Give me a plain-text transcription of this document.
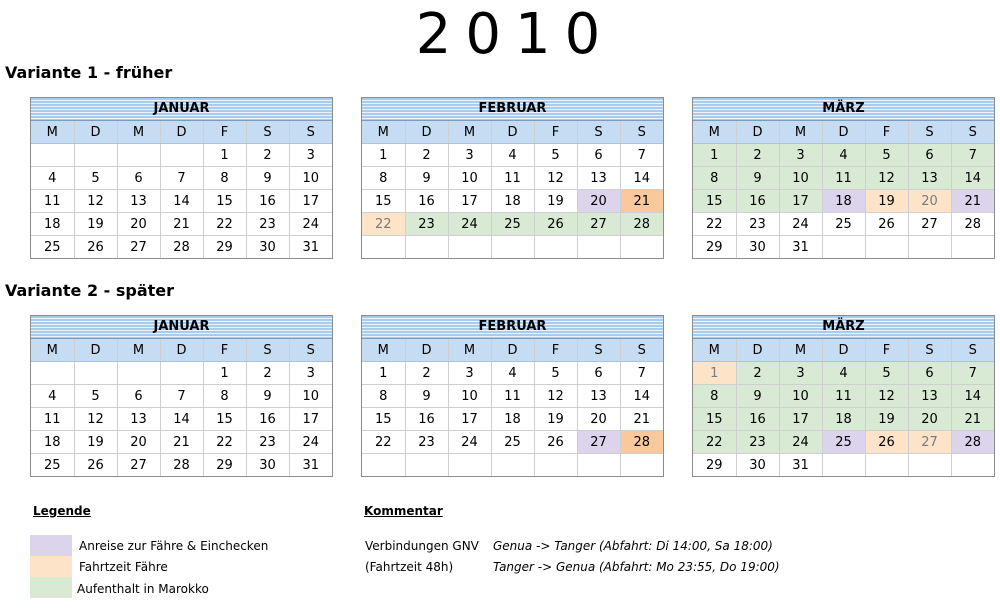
2010
Variante 1 - früher
Variante 2 - später
JANUAR
M	D	M	D	F	S	S
				1	2	3
4	5	6	7	8	9	10
11	12	13	14	15	16	17
18	19	20	21	22	23	24
25	26	27	28	29	30	31
FEBRUAR
M	D	M	D	F	S	S
1	2	3	4	5	6	7
8	9	10	11	12	13	14
15	16	17	18	19	20	21
22	23	24	25	26	27	28

MÄRZ
M	D	M	D	F	S	S
1	2	3	4	5	6	7
8	9	10	11	12	13	14
15	16	17	18	19	20	21
22	23	24	25	26	27	28
29	30	31				
JANUAR
M	D	M	D	F	S	S
				1	2	3
4	5	6	7	8	9	10
11	12	13	14	15	16	17
18	19	20	21	22	23	24
25	26	27	28	29	30	31
FEBRUAR
M	D	M	D	F	S	S
1	2	3	4	5	6	7
8	9	10	11	12	13	14
15	16	17	18	19	20	21
22	23	24	25	26	27	28

MÄRZ
M	D	M	D	F	S	S
1	2	3	4	5	6	7
8	9	10	11	12	13	14
15	16	17	18	19	20	21
22	23	24	25	26	27	28
29	30	31				
Legende
Anreise zur Fähre & Einchecken
Fahrtzeit Fähre
Aufenthalt in Marokko
Kommentar
Verbindungen GNV Genua -> Tanger (Abfahrt: Di 14:00, Sa 18:00)
(Fahrtzeit 48h)	Tanger -> Genua (Abfahrt: Mo 23:55, Do 19:00)
